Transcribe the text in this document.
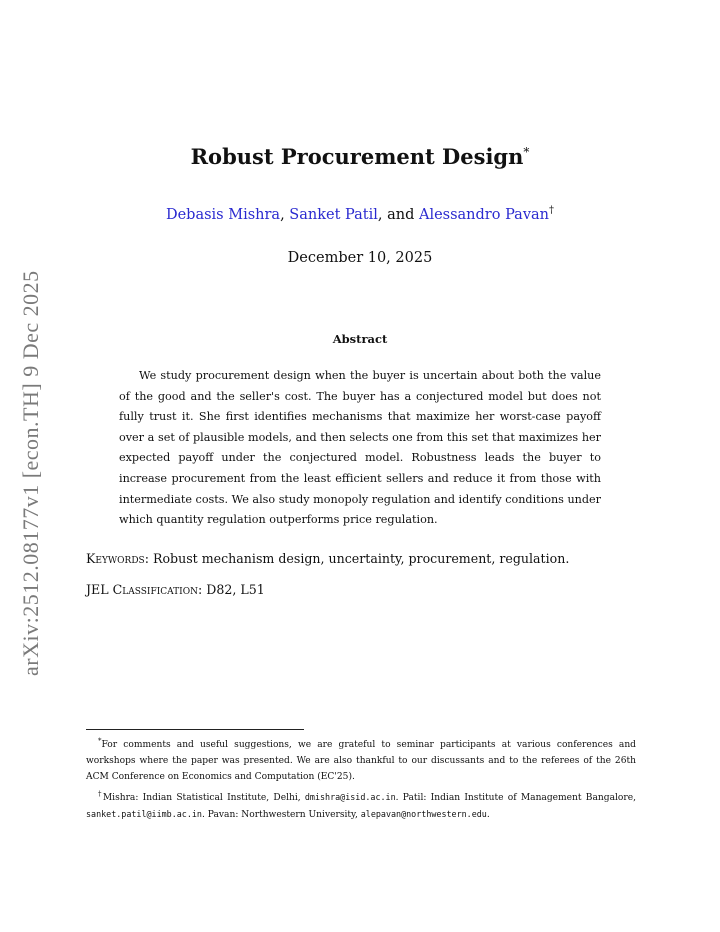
arXiv:2512.08177v1 [econ.TH] 9 Dec 2025
Robust Procurement Design*
Debasis Mishra, Sanket Patil, and Alessandro Pavan†
December 10, 2025
Abstract
We study procurement design when the buyer is uncertain about both the value of the good and the seller's cost. The buyer has a conjectured model but does not fully trust it. She first identifies mechanisms that maximize her worst-case payoff over a set of plausible models, and then selects one from this set that maximizes her expected payoff under the conjectured model. Robustness leads the buyer to increase procurement from the least efficient sellers and reduce it from those with intermediate costs. We also study monopoly regulation and identify conditions under which quantity regulation outperforms price regulation.
Keywords: Robust mechanism design, uncertainty, procurement, regulation.
JEL Classification: D82, L51

*For comments and useful suggestions, we are grateful to seminar participants at various conferences and workshops where the paper was presented. We are also thankful to our discussants and to the referees of the 26th ACM Conference on Economics and Computation (EC'25).

†Mishra: Indian Statistical Institute, Delhi, dmishra@isid.ac.in. Patil: Indian Institute of Management Bangalore, sanket.patil@iimb.ac.in. Pavan: Northwestern University, alepavan@northwestern.edu.
